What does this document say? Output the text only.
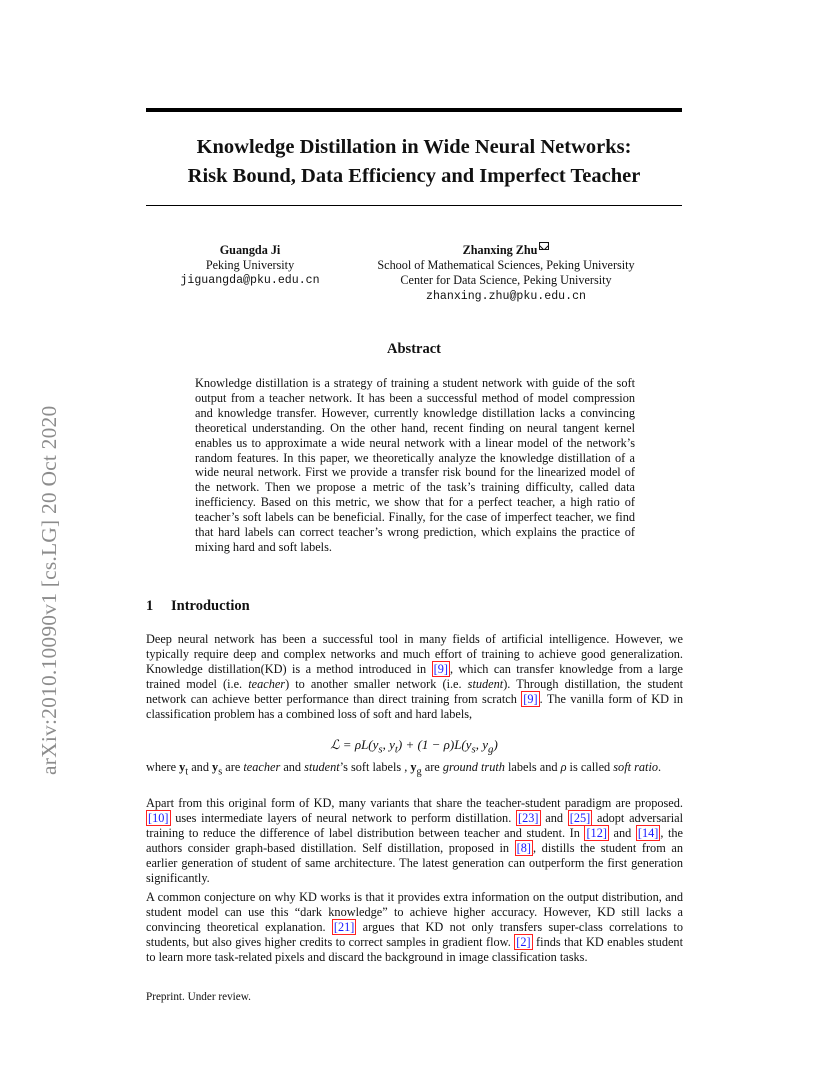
arXiv:2010.10090v1 [cs.LG] 20 Oct 2020
Knowledge Distillation in Wide Neural Networks:
Risk Bound, Data Efficiency and Imperfect Teacher
Guangda Ji
Peking University
jiguangda@pku.edu.cn
Zhanxing Zhu
School of Mathematical Sciences, Peking University
Center for Data Science, Peking University
zhanxing.zhu@pku.edu.cn
Abstract
Knowledge distillation is a strategy of training a student network with guide of the soft output from a teacher network. It has been a successful method of model compression and knowledge transfer. However, currently knowledge distillation lacks a convincing theoretical understanding. On the other hand, recent finding on neural tangent kernel enables us to approximate a wide neural network with a linear model of the network’s random features. In this paper, we theoretically analyze the knowledge distillation of a wide neural network. First we provide a transfer risk bound for the linearized model of the network. Then we propose a metric of the task’s training difficulty, called data inefficiency. Based on this metric, we show that for a perfect teacher, a high ratio of teacher’s soft labels can be beneficial. Finally, for the case of imperfect teacher, we find that hard labels can correct teacher’s wrong prediction, which explains the practice of mixing hard and soft labels.
1 Introduction

Deep neural network has been a successful tool in many fields of artificial intelligence. However, we typically require deep and complex networks and much effort of training to achieve good generalization. Knowledge distillation(KD) is a method introduced in [9] , which can transfer knowledge from a large trained model (i.e. teacher) to another smaller network (i.e. student). Through distillation, the student network can achieve better performance than direct training from scratch [9] . The vanilla form of KD in classification problem has a combined loss of soft and hard labels,

ℒ = $\rho L(y_s$, $y_t) + (1 - \rho)L(y_s$, $y_g$)

where $y_t$ and $y_s$ are teacher and student’s soft labels , $y_g$ are ground truth labels and ρ is called soft ratio.

Apart from this original form of KD, many variants that share the teacher-student paradigm are proposed. [10] uses intermediate layers of neural network to perform distillation. [23] and [25] adopt adversarial training to reduce the difference of label distribution between teacher and student. In [12] and [14] , the authors consider graph-based distillation. Self distillation, proposed in [8] , distills the student from an earlier generation of student of same architecture. The latest generation can outperform the first generation significantly.

A common conjecture on why KD works is that it provides extra information on the output distribution, and student model can use this “dark knowledge” to achieve higher accuracy. However, KD still lacks a convincing theoretical explanation. [21] argues that KD not only transfers super-class correlations to students, but also gives higher credits to correct samples in gradient flow. [2] finds that KD enables student to learn more task-related pixels and discard the background in image classification tasks.

Preprint. Under review.
